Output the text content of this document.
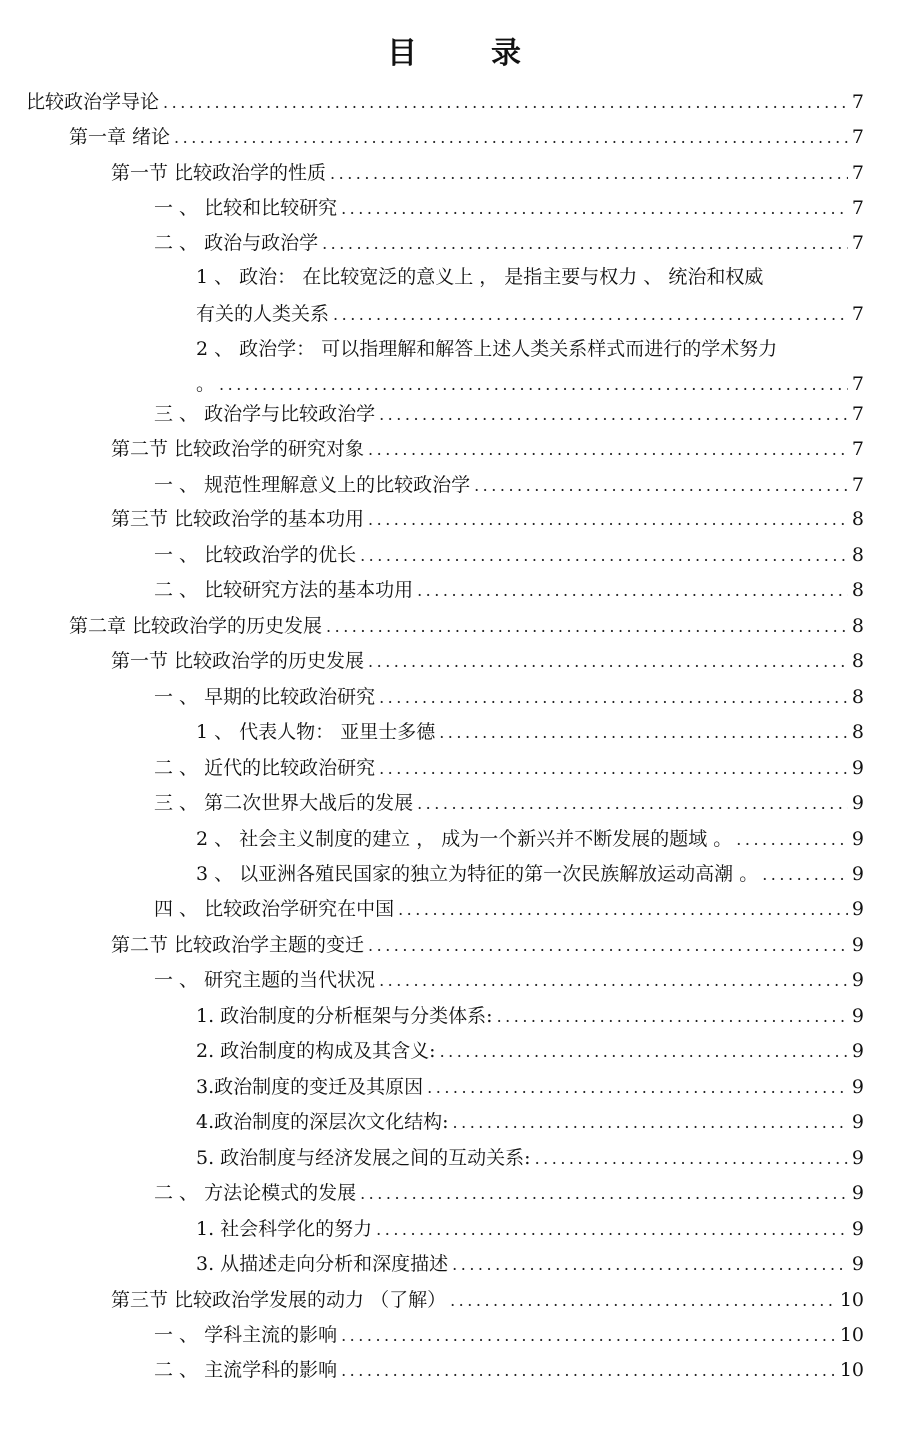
目　录
比较政治学导论 .....	7
第一章 绪论 .....	7
第一节 比较政治学的性质 .....	7
一 、 比较和比较研究 .....	7
二 、 政治与政治学 .....	7
1 、 政治： 在比较宽泛的意义上 ， 是指主要与权力 、 统治和权威
有关的人类关系 .....	7
2 、 政治学： 可以指理解和解答上述人类关系样式而进行的学术努力
。 .....	7
三 、 政治学与比较政治学 .....	7
第二节 比较政治学的研究对象 .....	7
一 、 规范性理解意义上的比较政治学 .....	7
第三节 比较政治学的基本功用 .....	8
一 、 比较政治学的优长 .....	8
二 、 比较研究方法的基本功用 .....	8
第二章 比较政治学的历史发展 .....	8
第一节 比较政治学的历史发展 .....	8
一 、 早期的比较政治研究 .....	8
1 、 代表人物： 亚里士多德 .....	8
二 、 近代的比较政治研究 .....	9
三 、 第二次世界大战后的发展 .....	9
2 、 社会主义制度的建立 ， 成为一个新兴并不断发展的题域 。 .....	9
3 、 以亚洲各殖民国家的独立为特征的第一次民族解放运动高潮 。 .....	9
四 、 比较政治学研究在中国 .....	9
第二节 比较政治学主题的变迁 .....	9
一 、 研究主题的当代状况 .....	9
1. 政治制度的分析框架与分类体系: .....	9
2. 政治制度的构成及其含义: .....	9
3.政治制度的变迁及其原因 .....	9
4.政治制度的深层次文化结构: .....	9
5. 政治制度与经济发展之间的互动关系: .....	9
二 、 方法论模式的发展 .....	9
1. 社会科学化的努力 .....	9
3. 从描述走向分析和深度描述 .....	9
第三节 比较政治学发展的动力 （了解） .....	10
一 、 学科主流的影响 .....	10
二 、 主流学科的影响 .....	10
